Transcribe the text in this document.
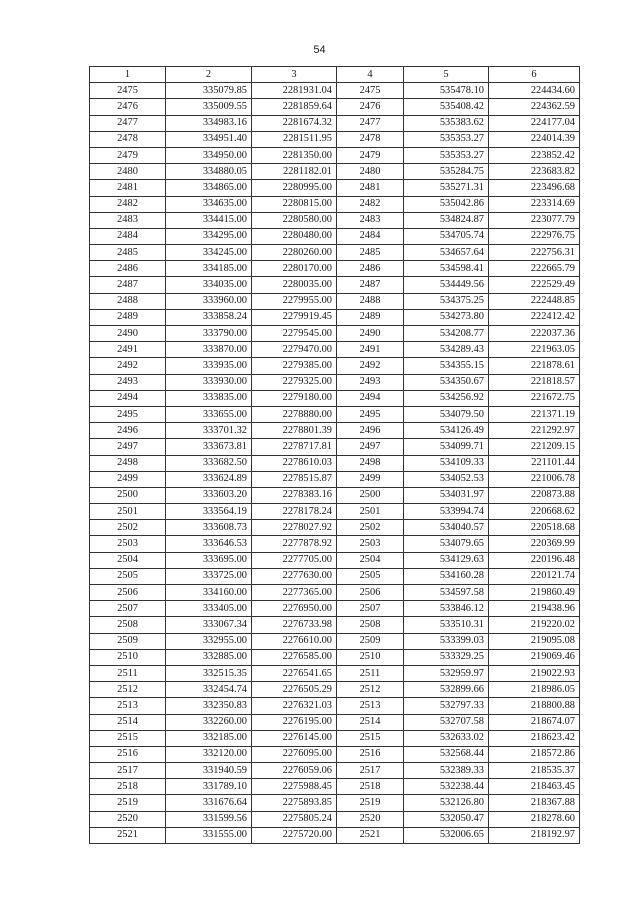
54
1	2	3	4	5	6
2475	335079.85	2281931.04	2475	535478.10	224434.60
2476	335009.55	2281859.64	2476	535408.42	224362.59
2477	334983.16	2281674.32	2477	535383.62	224177.04
2478	334951.40	2281511.95	2478	535353.27	224014.39
2479	334950.00	2281350.00	2479	535353.27	223852.42
2480	334880.05	2281182.01	2480	535284.75	223683.82
2481	334865.00	2280995.00	2481	535271.31	223496.68
2482	334635.00	2280815.00	2482	535042.86	223314.69
2483	334415.00	2280580.00	2483	534824.87	223077.79
2484	334295.00	2280480.00	2484	534705.74	222976.75
2485	334245.00	2280260.00	2485	534657.64	222756.31
2486	334185.00	2280170.00	2486	534598.41	222665.79
2487	334035.00	2280035.00	2487	534449.56	222529.49
2488	333960.00	2279955.00	2488	534375.25	222448.85
2489	333858.24	2279919.45	2489	534273.80	222412.42
2490	333790.00	2279545.00	2490	534208.77	222037.36
2491	333870.00	2279470.00	2491	534289.43	221963.05
2492	333935.00	2279385.00	2492	534355.15	221878.61
2493	333930.00	2279325.00	2493	534350.67	221818.57
2494	333835.00	2279180.00	2494	534256.92	221672.75
2495	333655.00	2278880.00	2495	534079.50	221371.19
2496	333701.32	2278801.39	2496	534126.49	221292.97
2497	333673.81	2278717.81	2497	534099.71	221209.15
2498	333682.50	2278610.03	2498	534109.33	221101.44
2499	333624.89	2278515.87	2499	534052.53	221006.78
2500	333603.20	2278383.16	2500	534031.97	220873.88
2501	333564.19	2278178.24	2501	533994.74	220668.62
2502	333608.73	2278027.92	2502	534040.57	220518.68
2503	333646.53	2277878.92	2503	534079.65	220369.99
2504	333695.00	2277705.00	2504	534129.63	220196.48
2505	333725.00	2277630.00	2505	534160.28	220121.74
2506	334160.00	2277365.00	2506	534597.58	219860.49
2507	333405.00	2276950.00	2507	533846.12	219438.96
2508	333067.34	2276733.98	2508	533510.31	219220.02
2509	332955.00	2276610.00	2509	533399.03	219095.08
2510	332885.00	2276585.00	2510	533329.25	219069.46
2511	332515.35	2276541.65	2511	532959.97	219022.93
2512	332454.74	2276505.29	2512	532899.66	218986.05
2513	332350.83	2276321.03	2513	532797.33	218800.88
2514	332260.00	2276195.00	2514	532707.58	218674.07
2515	332185.00	2276145.00	2515	532633.02	218623.42
2516	332120.00	2276095.00	2516	532568.44	218572.86
2517	331940.59	2276059.06	2517	532389.33	218535.37
2518	331789.10	2275988.45	2518	532238.44	218463.45
2519	331676.64	2275893.85	2519	532126.80	218367.88
2520	331599.56	2275805.24	2520	532050.47	218278.60
2521	331555.00	2275720.00	2521	532006.65	218192.97
